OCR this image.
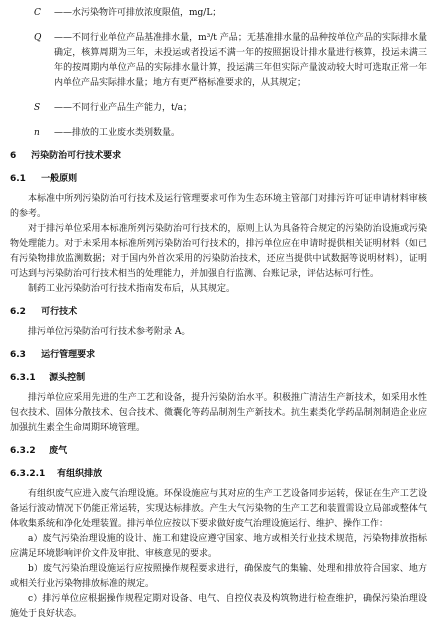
C	——水污染物许可排放浓度限值，mg/L；
Q	——不同行业单位产品基准排水量，m³/t 产品；无基准排水量的品种按单位产品的实际排水量确定，核算周期为三年，未投运或者投运不满一年的按照据设计排水量进行核算，投运未满三年的按周期内单位产品的实际排水量计算，投运满三年但实际产量波动较大时可选取正常一年内单位产品实际排水量；地方有更严格标准要求的，从其规定；
S	——不同行业产品生产能力，t/a；
n	——排放的工业废水类别数量。
6 污染防治可行技术要求
6.1 一般原则

本标准中所列污染防治可行技术及运行管理要求可作为生态环境主管部门对排污许可证申请材料审核的参考。

对于排污单位采用本标准所列污染防治可行技术的，原则上认为具备符合规定的污染防治设施或污染物处理能力。对于未采用本标准所列污染防治可行技术的，排污单位应在申请时提供相关证明材料（如已有污染物排放监测数据；对于国内外首次采用的污染防治技术，还应当提供中试数据等说明材料），证明可达到与污染防治可行技术相当的处理能力，并加强自行监测、台账记录，评估达标可行性。

制药工业污染防治可行技术指南发布后，从其规定。

6.2 可行技术

排污单位污染防治可行技术参考附录 A。

6.3 运行管理要求
6.3.1 源头控制

排污单位应采用先进的生产工艺和设备，提升污染防治水平。积极推广清洁生产新技术，如采用水性包衣技术、固体分散技术、包合技术、微囊化等药品制剂生产新技术。抗生素类化学药品制剂制造企业应加强抗生素全生命周期环境管理。

6.3.2 废气
6.3.2.1 有组织排放

有组织废气应进入废气治理设施。环保设施应与其对应的生产工艺设备同步运转，保证在生产工艺设备运行波动情况下仍能正常运转，实现达标排放。产生大气污染物的生产工艺和装置需设立局部或整体气体收集系统和净化处理装置。排污单位应按以下要求做好废气治理设施运行、维护、操作工作：

a）废气污染治理设施的设计、施工和建设应遵守国家、地方或相关行业技术规范，污染物排放指标应满足环境影响评价文件及审批、审核意见的要求。

b）废气污染治理设施运行应按照操作规程要求进行，确保废气的集输、处理和排放符合国家、地方或相关行业污染物排放标准的规定。

c）排污单位应根据操作规程定期对设备、电气、自控仪表及构筑物进行检查维护，确保污染治理设施处于良好状态。
